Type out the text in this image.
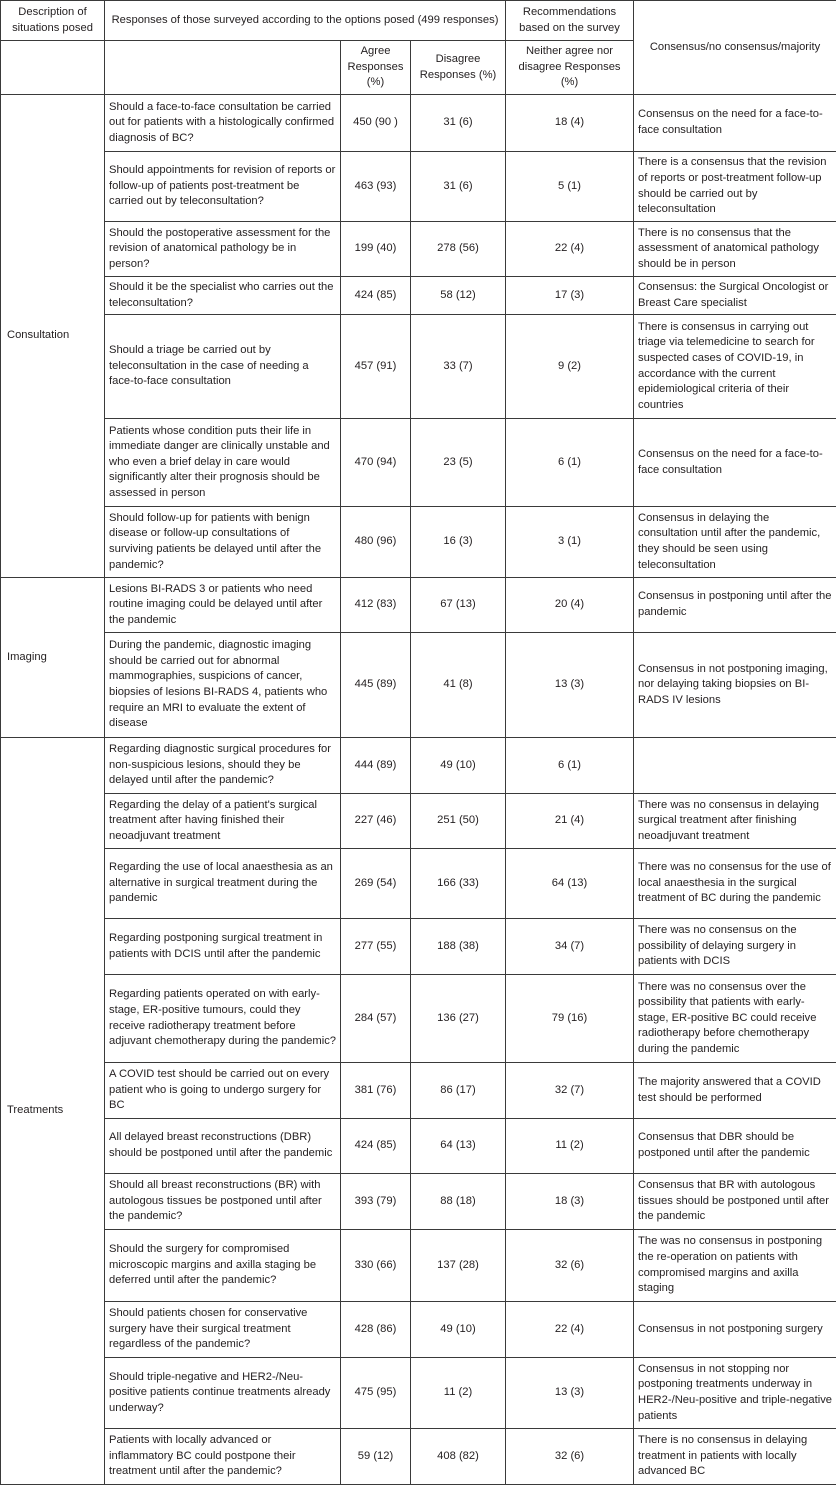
Description of situations posed	Responses of those surveyed according to the options posed (499 responses)			Recommendations based on the survey	Consensus/no consensus/majority
		Agree Responses (%)	Disagree Responses (%)	Neither agree nor disagree Responses (%)	
Consultation	Should a face-to-face consultation be carried out for patients with a histologically confirmed diagnosis of BC?	450 (90 )	31 (6)	18 (4)	Consensus on the need for a face-to-face consultation
	Should appointments for revision of reports or follow-up of patients post-treatment be carried out by teleconsultation?	463 (93)	31 (6)	5 (1)	There is a consensus that the revision of reports or post-treatment follow-up should be carried out by teleconsultation
	Should the postoperative assessment for the revision of anatomical pathology be in person?	199 (40)	278 (56)	22 (4)	There is no consensus that the assessment of anatomical pathology should be in person
	Should it be the specialist who carries out the teleconsultation?	424 (85)	58 (12)	17 (3)	Consensus: the Surgical Oncologist or Breast Care specialist
	Should a triage be carried out by teleconsultation in the case of needing a face-to-face consultation	457 (91)	33 (7)	9 (2)	There is consensus in carrying out triage via telemedicine to search for suspected cases of COVID-19, in accordance with the current epidemiological criteria of their countries
	Patients whose condition puts their life in immediate danger are clinically unstable and who even a brief delay in care would significantly alter their prognosis should be assessed in person	470 (94)	23 (5)	6 (1)	Consensus on the need for a face-to-face consultation
	Should follow-up for patients with benign disease or follow-up consultations of surviving patients be delayed until after the pandemic?	480 (96)	16 (3)	3 (1)	Consensus in delaying the consultation until after the pandemic, they should be seen using teleconsultation
Imaging	Lesions BI-RADS 3 or patients who need routine imaging could be delayed until after the pandemic	412 (83)	67 (13)	20 (4)	Consensus in postponing until after the pandemic
	During the pandemic, diagnostic imaging should be carried out for abnormal mammographies, suspicions of cancer, biopsies of lesions BI-RADS 4, patients who require an MRI to evaluate the extent of disease	445 (89)	41 (8)	13 (3)	Consensus in not postponing imaging, nor delaying taking biopsies on BI-RADS IV lesions
Treatments	Regarding diagnostic surgical procedures for non-suspicious lesions, should they be delayed until after the pandemic?	444 (89)	49 (10)	6 (1)	
	Regarding the delay of a patient's surgical treatment after having finished their neoadjuvant treatment	227 (46)	251 (50)	21 (4)	There was no consensus in delaying surgical treatment after finishing neoadjuvant treatment
	Regarding the use of local anaesthesia as an alternative in surgical treatment during the pandemic	269 (54)	166 (33)	64 (13)	There was no consensus for the use of local anaesthesia in the surgical treatment of BC during the pandemic
	Regarding postponing surgical treatment in patients with DCIS until after the pandemic	277 (55)	188 (38)	34 (7)	There was no consensus on the possibility of delaying surgery in patients with DCIS
	Regarding patients operated on with early-stage, ER-positive tumours, could they receive radiotherapy treatment before adjuvant chemotherapy during the pandemic?	284 (57)	136 (27)	79 (16)	There was no consensus over the possibility that patients with early-stage, ER-positive BC could receive radiotherapy before chemotherapy during the pandemic
	A COVID test should be carried out on every patient who is going to undergo surgery for BC	381 (76)	86 (17)	32 (7)	The majority answered that a COVID test should be performed
	All delayed breast reconstructions (DBR) should be postponed until after the pandemic	424 (85)	64 (13)	11 (2)	Consensus that DBR should be postponed until after the pandemic
	Should all breast reconstructions (BR) with autologous tissues be postponed until after the pandemic?	393 (79)	88 (18)	18 (3)	Consensus that BR with autologous tissues should be postponed until after the pandemic
	Should the surgery for compromised microscopic margins and axilla staging be deferred until after the pandemic?	330 (66)	137 (28)	32 (6)	The was no consensus in postponing the re-operation on patients with compromised margins and axilla staging
	Should patients chosen for conservative surgery have their surgical treatment regardless of the pandemic?	428 (86)	49 (10)	22 (4)	Consensus in not postponing surgery
	Should triple-negative and HER2-/Neu-positive patients continue treatments already underway?	475 (95)	11 (2)	13 (3)	Consensus in not stopping nor postponing treatments underway in HER2-/Neu-positive and triple-negative patients
	Patients with locally advanced or inflammatory BC could postpone their treatment until after the pandemic?	59 (12)	408 (82)	32 (6)	There is no consensus in delaying treatment in patients with locally advanced BC
